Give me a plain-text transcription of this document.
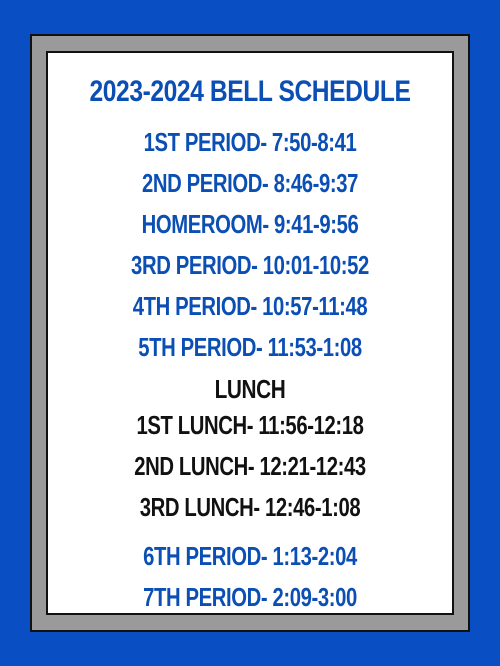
2023-2024 BELL SCHEDULE
1ST PERIOD- 7:50-8:41
2ND PERIOD- 8:46-9:37
HOMEROOM- 9:41-9:56
3RD PERIOD- 10:01-10:52
4TH PERIOD- 10:57-11:48
5TH PERIOD- 11:53-1:08
LUNCH
1ST LUNCH- 11:56-12:18
2ND LUNCH- 12:21-12:43
3RD LUNCH- 12:46-1:08
6TH PERIOD- 1:13-2:04
7TH PERIOD- 2:09-3:00
